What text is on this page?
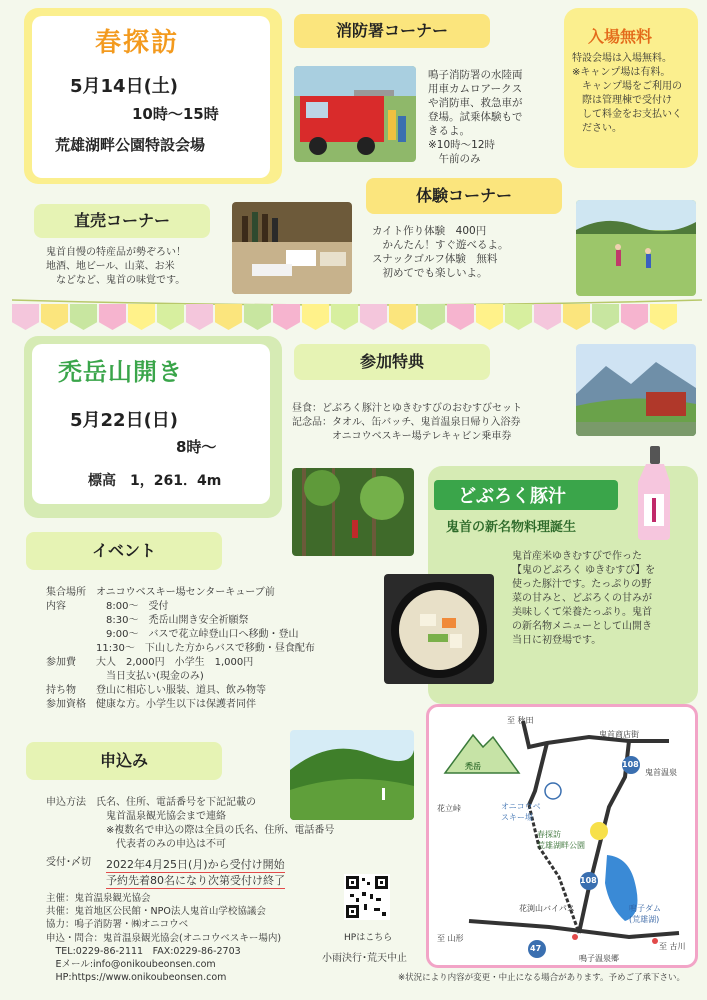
春探訪
5月14日(土)
10時～15時
荒雄湖畔公園特設会場
消防署コーナー
鳴子消防署の水陸両
用車カムロアークス
や消防車、救急車が
登場。試乗体験もで
きるよ。
※10時～12時
　午前のみ
入場無料
特設会場は入場無料。
※キャンプ場は有料。
　キャンプ場をご利用の
　際は管理棟で受付け
　して料金をお支払いく
　ださい。
直売コーナー
鬼首自慢の特産品が勢ぞろい！
地酒、地ビール、山菜、お米
　などなど、鬼首の味覚です。
体験コーナー
カイト作り体験　400円
　かんたん！すぐ遊べるよ。
スナックゴルフ体験　無料
　初めてでも楽しいよ。
禿岳山開き
5月22日(日)
8時～
標高　1，261．4m
参加特典
昼食：どぶろく豚汁とゆきむすびのおむすびセット
記念品：タオル、缶バッチ、鬼首温泉日帰り入浴券
　　　　オニコウベスキー場テレキャビン乗車券
どぶろく豚汁
鬼首の新名物料理誕生
鬼首産米ゆきむすびで作った
【鬼のどぶろく ゆきむすび】を
使った豚汁です。たっぷりの野
菜の甘みと、どぶろくの甘みが
美味しくて栄養たっぷり。鬼首
の新名物メニューとして山開き
当日に初登場です。
イベント
集合場所　オニコウベスキー場センターキューブ前
内容　　　　8:00～　受付
　　　　　　8:30～　禿岳山開き安全祈願祭
　　　　　　9:00～　バスで花立峠登山口へ移動・登山
　　　　　11:30～　下山した方からバスで移動・昼食配布
参加費　　大人　2,000円　小学生　1,000円
　　　　　　当日支払い(現金のみ)
持ち物　　登山に相応しい服装、道具、飲み物等
参加資格　健康な方。小学生以下は保護者同伴
申込み
申込方法　氏名、住所、電話番号を下記記載の
　　　　　　鬼首温泉観光協会まで連絡
　　　　　　※複数名で申込の際は全員の氏名、住所、電話番号
　　　　　　　代表者のみの申込は不可
受付･〆切 2022年4月25日(月)から受付け開始
予約先着80名になり次第受付け終了
主催：鬼首温泉観光協会
共催：鬼首地区公民館・NPO法人鬼首山学校協議会
協力：鳴子消防署・㈱オニコウベ
申込・問合：鬼首温泉観光協会(オニコウベスキー場内)
　TEL:0229-86-2111　FAX:0229-86-2703
　Eメール:info@onikoubeonsen.com
　HP:https://www.onikoubeonsen.com
HPはこちら
小雨決行･荒天中止
至 秋田
鬼首商店街
禿岳	108
鬼首温泉
花立峠	オニコウベ
スキー場
春探訪
荒雄湖畔公園
花渕山バイパス
108
鳴子ダム
(荒雄湖)
至 山形
47	至 古川
鳴子温泉郷
※状況により内容が変更・中止になる場合があります。予めご了承下さい。
